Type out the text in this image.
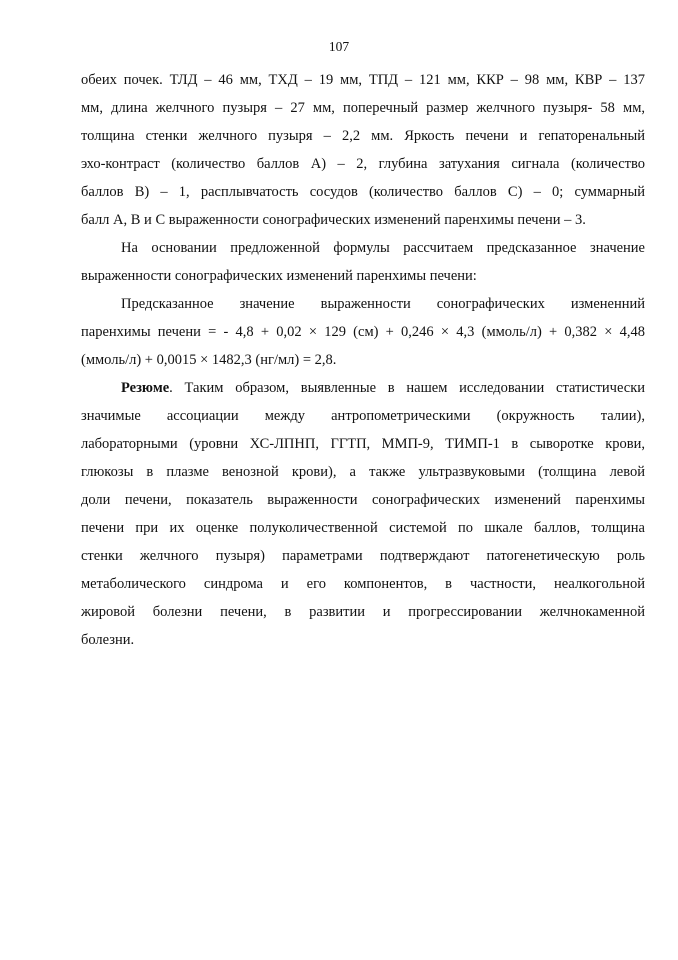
107
обеих почек. ТЛД – 46 мм, ТХД – 19 мм, ТПД – 121 мм, ККР – 98 мм, КВР – 137
мм, длина желчного пузыря – 27 мм, поперечный размер желчного пузыря- 58 мм,
толщина стенки желчного пузыря – 2,2 мм. Яркость печени и гепаторенальный
эхо-контраст (количество баллов А) – 2, глубина затухания сигнала (количество
баллов В) – 1, расплывчатость сосудов (количество баллов С) – 0; суммарный
балл А, В и С выраженности сонографических изменений паренхимы печени – 3.
На основании предложенной формулы рассчитаем предсказанное значение
выраженности сонографических изменений паренхимы печени:
Предсказанное значение выраженности сонографических измененний
паренхимы печени = - 4,8 + 0,02 × 129 (см) + 0,246 × 4,3 (ммоль/л) + 0,382 × 4,48
(ммоль/л) + 0,0015 × 1482,3 (нг/мл) = 2,8.
Резюме. Таким образом, выявленные в нашем исследовании статистически
значимые ассоциации между антропометрическими (окружность талии),
лабораторными (уровни ХС-ЛПНП, ГГТП, ММП-9, ТИМП-1 в сыворотке крови,
глюкозы в плазме венозной крови), а также ультразвуковыми (толщина левой
доли печени, показатель выраженности сонографических изменений паренхимы
печени при их оценке полуколичественной системой по шкале баллов, толщина
стенки желчного пузыря) параметрами подтверждают патогенетическую роль
метаболического синдрома и его компонентов, в частности, неалкогольной
жировой болезни печени, в развитии и прогрессировании желчнокаменной
болезни.
